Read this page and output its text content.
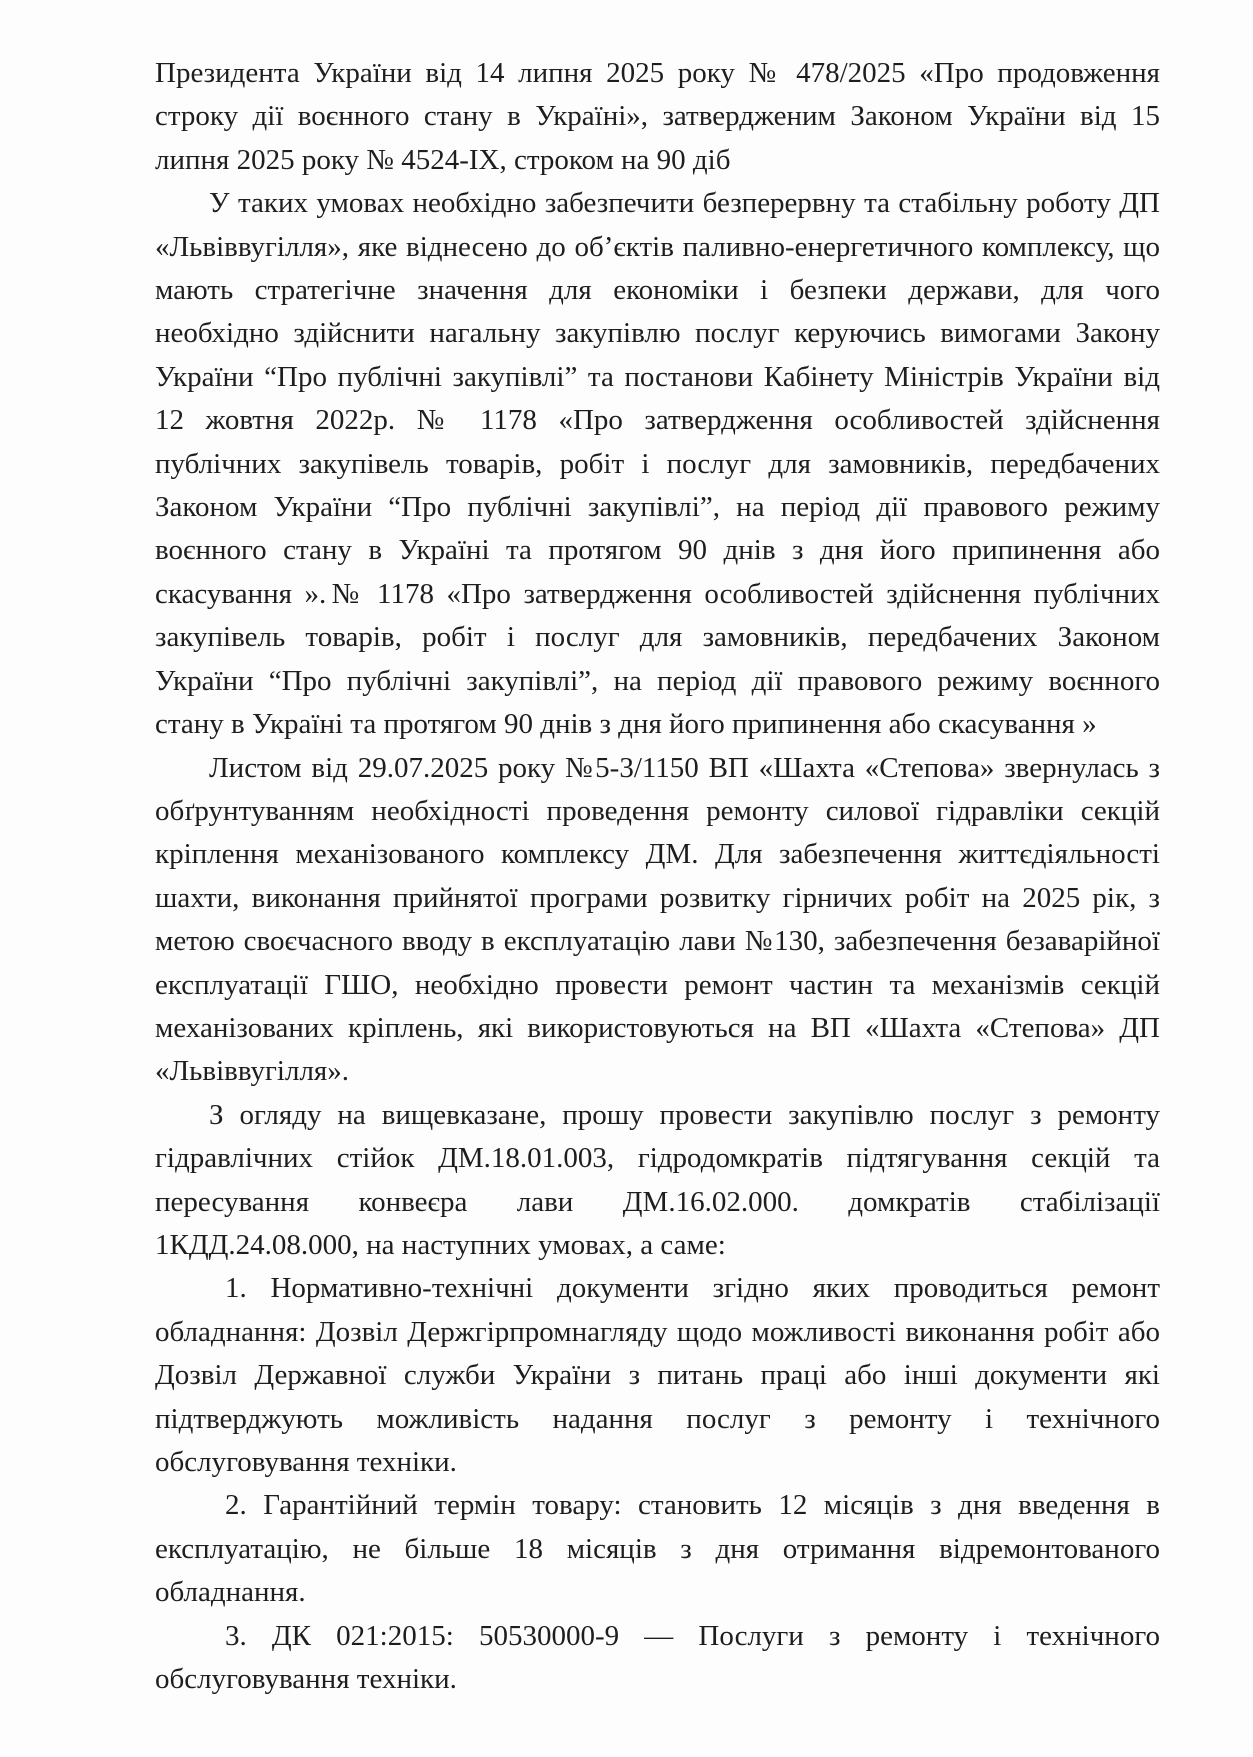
Президента України від 14 липня 2025 року № 478/2025 «Про продовження строку дії воєнного стану в Україні», затвердженим Законом України від 15 липня 2025 року № 4524-IX, строком на 90 діб

У таких умовах необхідно забезпечити безперервну та стабільну роботу ДП «Львіввугілля», яке віднесено до об’єктів паливно-енергетичного комплексу, що мають стратегічне значення для економіки і безпеки держави, для чого необхідно здійснити нагальну закупівлю послуг керуючись вимогами Закону України “Про публічні закупівлі” та постанови Кабінету Міністрів України від 12 жовтня 2022р. № 1178 «Про затвердження особливостей здійснення публічних закупівель товарів, робіт і послуг для замовників, передбачених Законом України “Про публічні закупівлі”, на період дії правового режиму воєнного стану в Україні та протягом 90 днів з дня його припинення або скасування ».№ 1178 «Про затвердження особливостей здійснення публічних закупівель товарів, робіт і послуг для замовників, передбачених Законом України “Про публічні закупівлі”, на період дії правового режиму воєнного стану в Україні та протягом 90 днів з дня його припинення або скасування »

Листом від 29.07.2025 року №5-3/1150 ВП «Шахта «Степова» звернулась з обґрунтуванням необхідності проведення ремонту силової гідравліки секцій кріплення механізованого комплексу ДМ. Для забезпечення життєдіяльності шахти, виконання прийнятої програми розвитку гірничих робіт на 2025 рік, з метою своєчасного вводу в експлуатацію лави №130, забезпечення безаварійної експлуатації ГШО, необхідно провести ремонт частин та механізмів секцій механізованих кріплень, які використовуються на ВП «Шахта «Степова» ДП «Львіввугілля».

З огляду на вищевказане, прошу провести закупівлю послуг з ремонту гідравлічних стійок ДМ.18.01.003, гідродомкратів підтягування секцій та пересування конвеєра лави ДМ.16.02.000. домкратів стабілізації 1КДД.24.08.000, на наступних умовах, а саме:

1. Нормативно-технічні документи згідно яких проводиться ремонт обладнання: Дозвіл Держгірпромнагляду щодо можливості виконання робіт або Дозвіл Державної служби України з питань праці або інші документи які підтверджують можливість надання послуг з ремонту і технічного обслуговування техніки.

2. Гарантійний термін товару: становить 12 місяців з дня введення в експлуатацію, не більше 18 місяців з дня отримання відремонтованого обладнання.

3. ДК 021:2015: 50530000-9 — Послуги з ремонту і технічного обслуговування техніки.
